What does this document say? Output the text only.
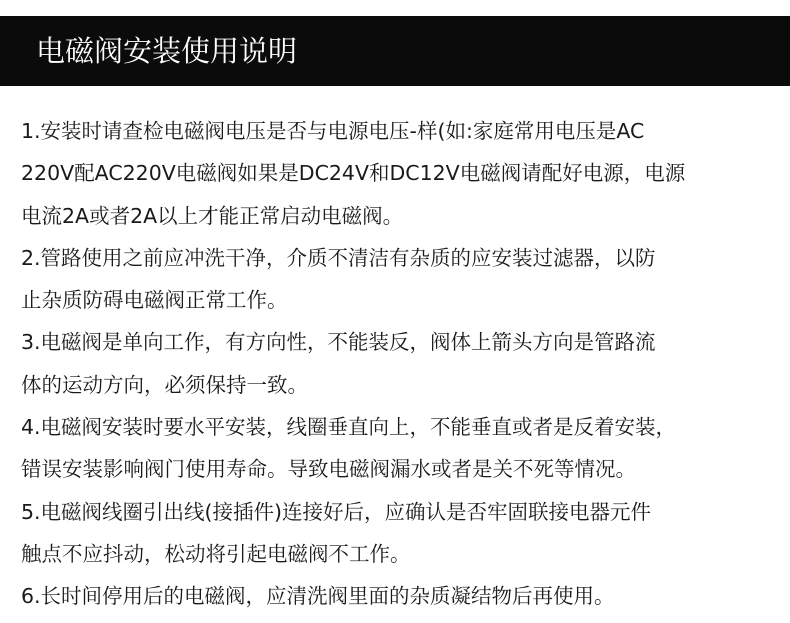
电磁阀安装使用说明
1.安装时请查检电磁阀电压是否与电源电压-样(如:家庭常用电压是AC
220V配AC220V电磁阀如果是DC24V和DC12V电磁阀请配好电源，电源
电流2A或者2A以上才能正常启动电磁阀。
2.管路使用之前应冲洗干净，介质不清洁有杂质的应安装过滤器，以防
止杂质防碍电磁阀正常工作。
3.电磁阀是单向工作，有方向性，不能装反，阀体上箭头方向是管路流
体的运动方向，必须保持一致。
4.电磁阀安装时要水平安装，线圈垂直向上，不能垂直或者是反着安装，
错误安装影响阀门使用寿命。导致电磁阀漏水或者是关不死等情况。
5.电磁阀线圈引出线(接插件)连接好后，应确认是否牢固联接电器元件
触点不应抖动，松动将引起电磁阀不工作。
6.长时间停用后的电磁阀，应清洗阀里面的杂质凝结物后再使用。
